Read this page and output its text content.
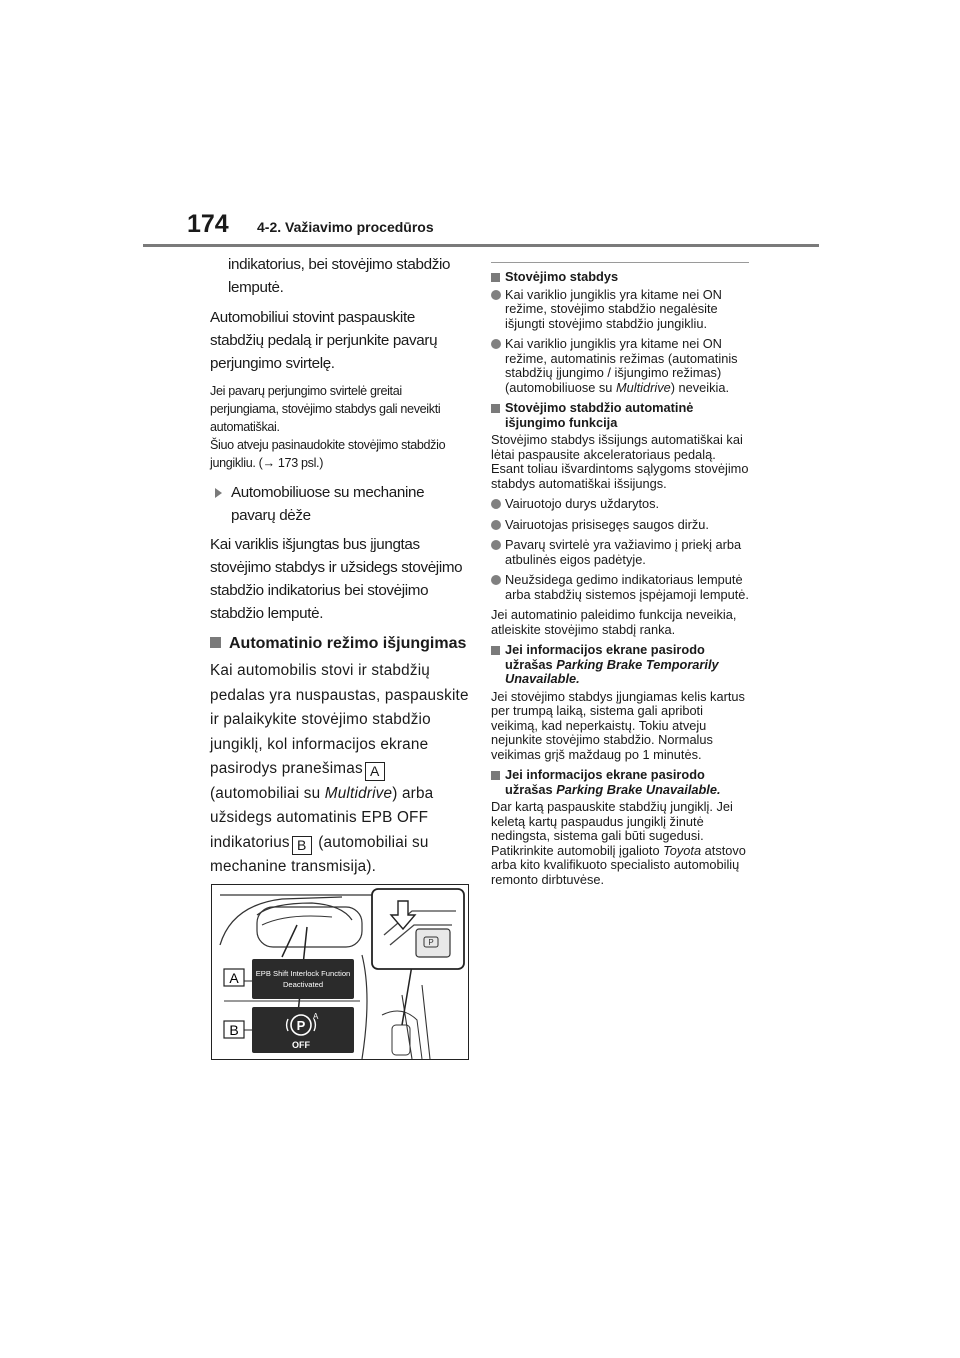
174 4-2. Važiavimo procedūros

indikatorius, bei stovėjimo stabdžio
lemputė.

Automobiliui stovint paspauskite stabdžių pedalą ir perjunkite pavarų perjungimo svirtelę.

Jei pavarų perjungimo svirtelė greitai perjungiama, stovėjimo stabdys gali neveikti automatiškai.
Šiuo atveju pasinaudokite stovėjimo stabdžio jungikliu. (→ 173 psl.)

Automobiliuose su mechanine pavarų dėže

Kai variklis išjungtas bus įjungtas stovėjimo stabdys ir užsidegs stovėjimo stabdžio indikatorius bei stovėjimo stabdžio lemputė.

Automatinio režimo išjungimas

Kai automobilis stovi ir stabdžių pedalas yra nuspaustas, paspauskite ir palaikykite stovėjimo stabdžio jungiklį, kol informacijos ekrane pasirodys pranešimas A (automobiliai su Multidrive) arba užsidegs automatinis EPB OFF indikatorius B (automobiliai su mechanine transmisija).

P
A
B
EPB Shift Interlock Function
Deactivated
P
A
OFF
Stovėjimo stabdys
Kai variklio jungiklis yra kitame nei ON režime, stovėjimo stabdžio negalėsite išjungti stovėjimo stabdžio jungikliu.
Kai variklio jungiklis yra kitame nei ON režime, automatinis režimas (automatinis stabdžių įjungimo / išjungimo režimas) (automobiliuose su Multidrive) neveikia.
Stovėjimo stabdžio automatinė išjungimo funkcija

Stovėjimo stabdys išsijungs automatiškai kai lėtai paspausite akceleratoriaus pedalą. Esant toliau išvardintoms sąlygoms stovėjimo stabdys automatiškai išsijungs.

Vairuotojo durys uždarytos.
Vairuotojas prisisegęs saugos diržu.
Pavarų svirtelė yra važiavimo į priekį arba atbulinės eigos padėtyje.
Neužsidega gedimo indikatoriaus lemputė arba stabdžių sistemos įspėjamoji lemputė.

Jei automatinio paleidimo funkcija neveikia, atleiskite stovėjimo stabdį ranka.

Jei informacijos ekrane pasirodo užrašas Parking Brake Temporarily Unavailable.

Jei stovėjimo stabdys įjungiamas kelis kartus per trumpą laiką, sistema gali apriboti veikimą, kad neperkaistų. Tokiu atveju nejunkite stovėjimo stabdžio. Normalus veikimas grįš maždaug po 1 minutės.

Jei informacijos ekrane pasirodo užrašas Parking Brake Unavailable.

Dar kartą paspauskite stabdžių jungiklį. Jei keletą kartų paspaudus jungiklį žinutė nedingsta, sistema gali būti sugedusi. Patikrinkite automobilį įgalioto Toyota atstovo arba kito kvalifikuoto specialisto automobilių remonto dirbtuvėse.
